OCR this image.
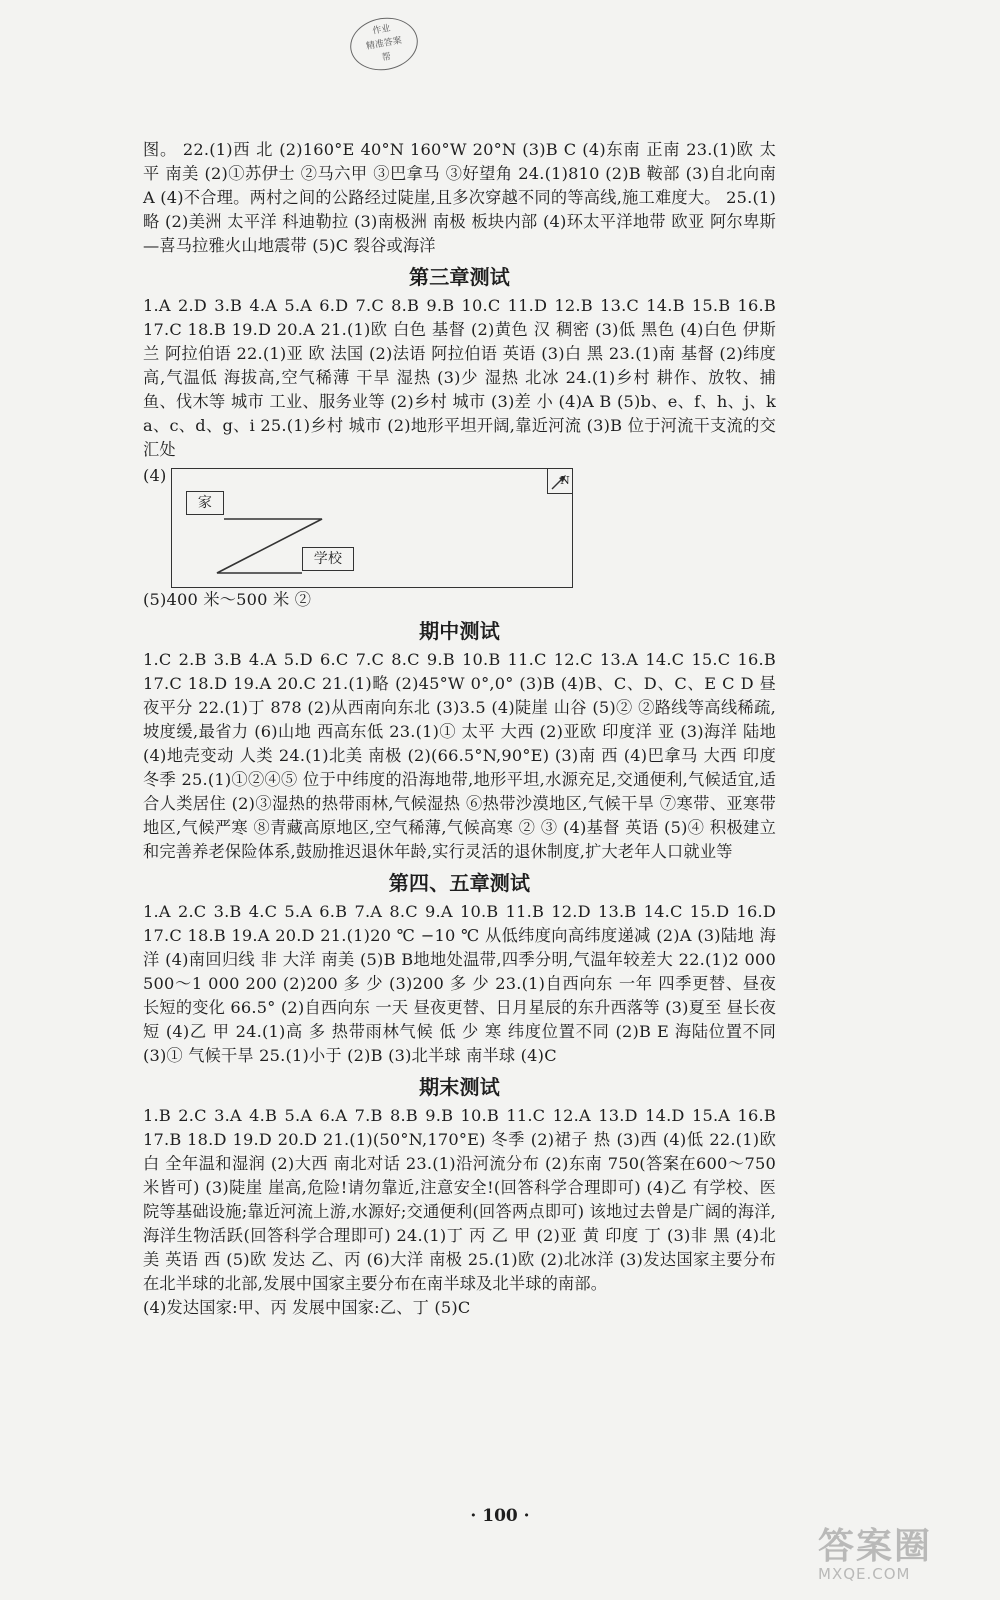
作业
精准答案
帮

图。 22.(1)西 北 (2)160°E 40°N 160°W 20°N (3)B C (4)东南 正南 23.(1)欧 太平 南美 (2)①苏伊士 ②马六甲 ③巴拿马 ③好望角 24.(1)810 (2)B 鞍部 (3)自北向南 A (4)不合理。两村之间的公路经过陡崖,且多次穿越不同的等高线,施工难度大。 25.(1)略 (2)美洲 太平洋 科迪勒拉 (3)南极洲 南极 板块内部 (4)环太平洋地带 欧亚 阿尔卑斯—喜马拉雅火山地震带 (5)C 裂谷或海洋

第三章测试

1.A 2.D 3.B 4.A 5.A 6.D 7.C 8.B 9.B 10.C 11.D 12.B 13.C 14.B 15.B 16.B 17.C 18.B 19.D 20.A 21.(1)欧 白色 基督 (2)黄色 汉 稠密 (3)低 黑色 (4)白色 伊斯兰 阿拉伯语 22.(1)亚 欧 法国 (2)法语 阿拉伯语 英语 (3)白 黑 23.(1)南 基督 (2)纬度高,气温低 海拔高,空气稀薄 干旱 湿热 (3)少 湿热 北冰 24.(1)乡村 耕作、放牧、捕鱼、伐木等 城市 工业、服务业等 (2)乡村 城市 (3)差 小 (4)A B (5)b、e、f、h、j、k a、c、d、g、i 25.(1)乡村 城市 (2)地形平坦开阔,靠近河流 (3)B 位于河流干支流的交汇处

(4)
家
学校
N

(5)400 米～500 米 ②

期中测试

1.C 2.B 3.B 4.A 5.D 6.C 7.C 8.C 9.B 10.B 11.C 12.C 13.A 14.C 15.C 16.B 17.C 18.D 19.A 20.C 21.(1)略 (2)45°W 0°,0° (3)B (4)B、C、D、C、E C D 昼夜平分 22.(1)丁 878 (2)从西南向东北 (3)3.5 (4)陡崖 山谷 (5)② ②路线等高线稀疏,坡度缓,最省力 (6)山地 西高东低 23.(1)① 太平 大西 (2)亚欧 印度洋 亚 (3)海洋 陆地 (4)地壳变动 人类 24.(1)北美 南极 (2)(66.5°N,90°E) (3)南 西 (4)巴拿马 大西 印度 冬季 25.(1)①②④⑤ 位于中纬度的沿海地带,地形平坦,水源充足,交通便利,气候适宜,适合人类居住 (2)③湿热的热带雨林,气候湿热 ⑥热带沙漠地区,气候干旱 ⑦寒带、亚寒带地区,气候严寒 ⑧青藏高原地区,空气稀薄,气候高寒 ② ③ (4)基督 英语 (5)④ 积极建立和完善养老保险体系,鼓励推迟退休年龄,实行灵活的退休制度,扩大老年人口就业等

第四、五章测试

1.A 2.C 3.B 4.C 5.A 6.B 7.A 8.C 9.A 10.B 11.B 12.D 13.B 14.C 15.D 16.D 17.C 18.B 19.A 20.D 21.(1)20 ℃ −10 ℃ 从低纬度向高纬度递减 (2)A (3)陆地 海洋 (4)南回归线 非 大洋 南美 (5)B B地地处温带,四季分明,气温年较差大 22.(1)2 000 500～1 000 200 (2)200 多 少 (3)200 多 少 23.(1)自西向东 一年 四季更替、昼夜长短的变化 66.5° (2)自西向东 一天 昼夜更替、日月星辰的东升西落等 (3)夏至 昼长夜短 (4)乙 甲 24.(1)高 多 热带雨林气候 低 少 寒 纬度位置不同 (2)B E 海陆位置不同 (3)① 气候干旱 25.(1)小于 (2)B (3)北半球 南半球 (4)C

期末测试

1.B 2.C 3.A 4.B 5.A 6.A 7.B 8.B 9.B 10.B 11.C 12.A 13.D 14.D 15.A 16.B 17.B 18.D 19.D 20.D 21.(1)(50°N,170°E) 冬季 (2)裙子 热 (3)西 (4)低 22.(1)欧 白 全年温和湿润 (2)大西 南北对话 23.(1)沿河流分布 (2)东南 750(答案在600～750米皆可) (3)陡崖 崖高,危险!请勿靠近,注意安全!(回答科学合理即可) (4)乙 有学校、医院等基础设施;靠近河流上游,水源好;交通便利(回答两点即可) 该地过去曾是广阔的海洋,海洋生物活跃(回答科学合理即可) 24.(1)丁 丙 乙 甲 (2)亚 黄 印度 丁 (3)非 黑 (4)北美 英语 西 (5)欧 发达 乙、丙 (6)大洋 南极 25.(1)欧 (2)北冰洋 (3)发达国家主要分布在北半球的北部,发展中国家主要分布在南半球及北半球的南部。

(4)发达国家:甲、丙 发展中国家:乙、丁 (5)C

· 100 ·
答案圈
MXQE.COM
